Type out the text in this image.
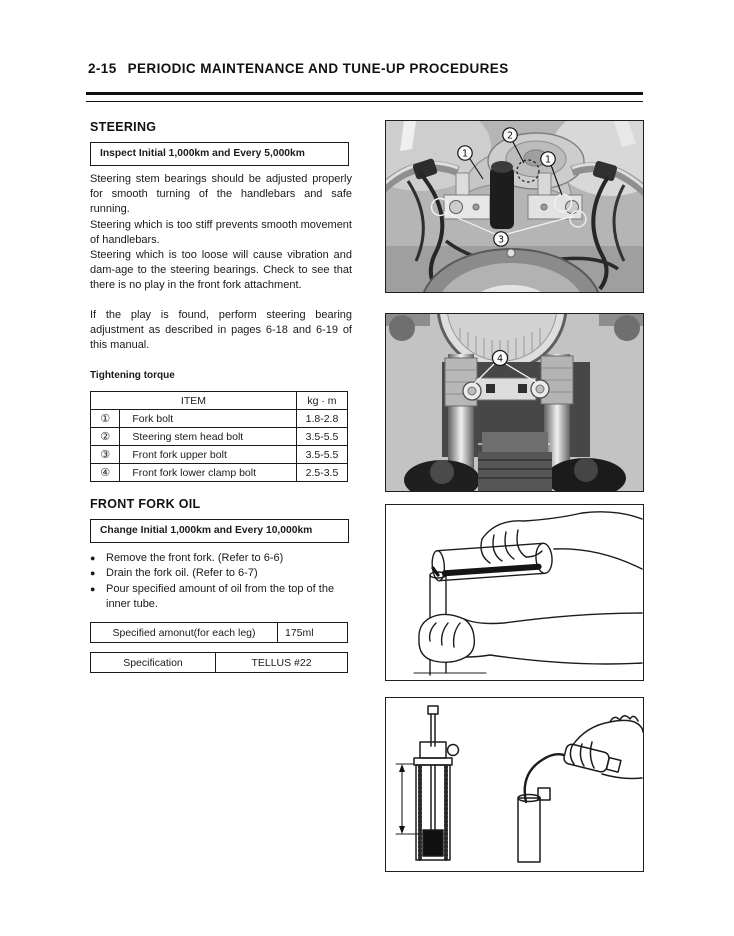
2-15 PERIODIC MAINTENANCE AND TUNE-UP PROCEDURES
STEERING
Inspect Initial 1,000km and Every 5,000km

Steering stem bearings should be adjusted properly for smooth turning of the handlebars and safe running.

Steering which is too stiff prevents smooth movement of handlebars.

Steering which is too loose will cause vibration and dam-age to the steering bearings. Check to see that there is no play in the front fork attachment.

If the play is found, perform steering bearing adjustment as described in pages 6-18 and 6-19 of this manual.

Tightening torque
ITEM		kg · m
①	Fork bolt	1.8-2.8
②	Steering stem head bolt	3.5-5.5
③	Front fork upper bolt	3.5-5.5
④	Front fork lower clamp bolt	2.5-3.5
FRONT FORK OIL
Change Initial 1,000km and Every 10,000km
● Remove the front fork. (Refer to 6-6)
● Drain the fork oil. (Refer to 6-7)
● Pour specified amount of oil from the top of the inner tube.
Specified amonut(for each leg)	175ml
Specification	TELLUS #22
1
2
1
3
4
